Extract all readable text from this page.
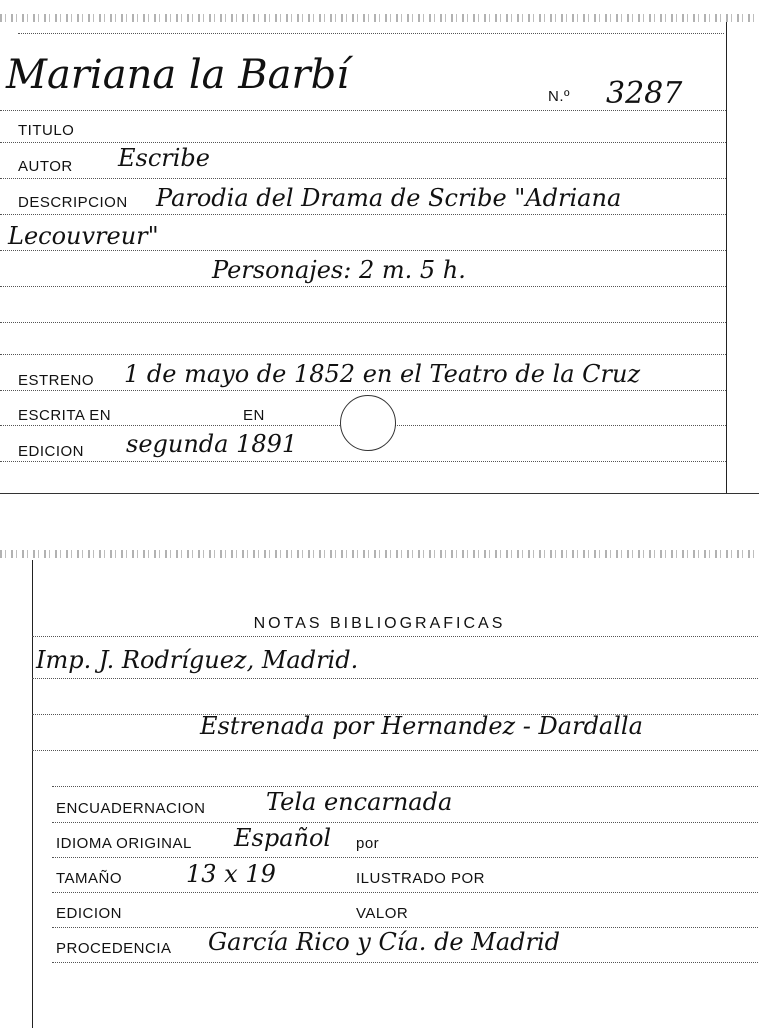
Mariana la Barbí	N.º 3287
TITULO
AUTOR Escribe
DESCRIPCION Parodia del Drama de Scribe "Adriana
Lecouvreur"
Personajes: 2 m. 5 h.
ESTRENO 1 de mayo de 1852 en el Teatro de la Cruz
ESCRITA EN	EN
EDICION segunda 1891
NOTAS BIBLIOGRAFICAS
Imp. J. Rodríguez, Madrid.
Estrenada por Hernandez - Dardalla
ENCUADERNACION	Tela encarnada
IDIOMA ORIGINAL Español por
TAMAÑO	13 x 19	ILUSTRADO POR
EDICION	VALOR
PROCEDENCIA García Rico y Cía. de Madrid
